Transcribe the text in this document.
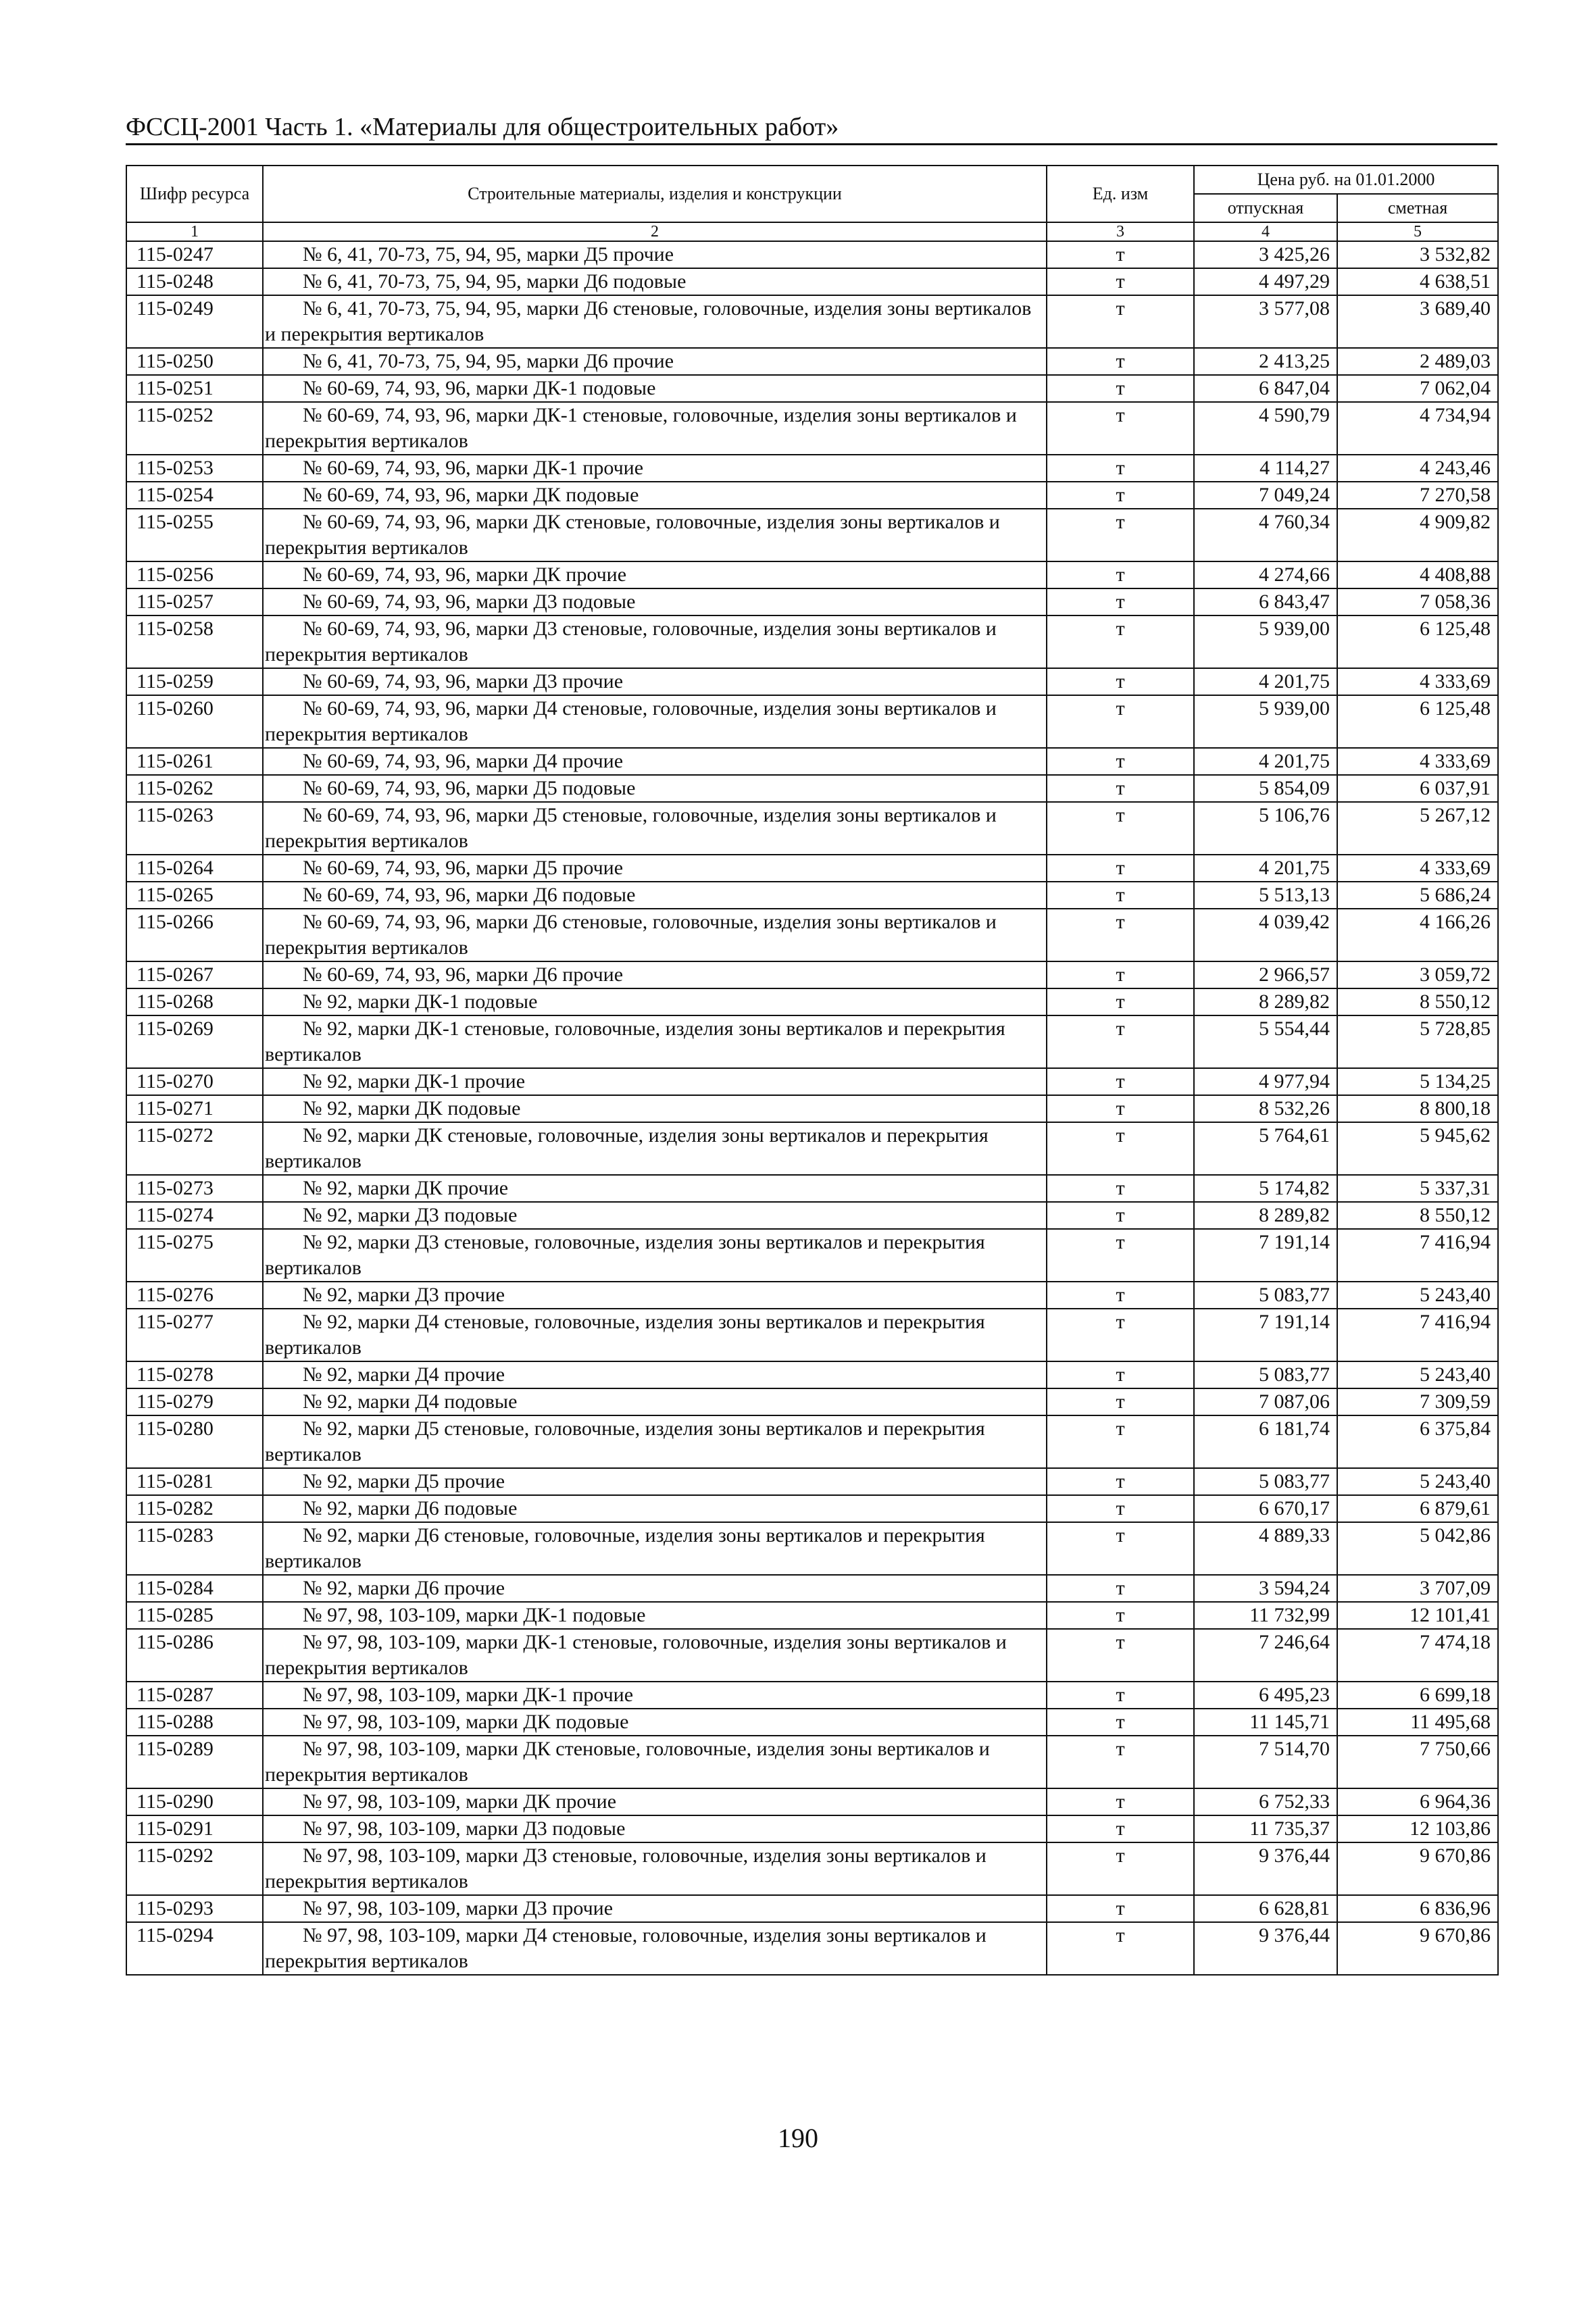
ФССЦ-2001 Часть 1. «Материалы для общестроительных работ»
Шифр ресурса	Строительные материалы, изделия и конструкции	Ед. изм	Цена руб. на 01.01.2000	
			отпускная	сметная
1	2	3	4	5
115-0247	№ 6, 41, 70-73, 75, 94, 95, марки Д5 прочие	т	3 425,26	3 532,82
115-0248	№ 6, 41, 70-73, 75, 94, 95, марки Д6 подовые	т	4 497,29	4 638,51
115-0249	№ 6, 41, 70-73, 75, 94, 95, марки Д6 стеновые, головочные, изделия зоны вертикалов и перекрытия вертикалов	т	3 577,08	3 689,40
115-0250	№ 6, 41, 70-73, 75, 94, 95, марки Д6 прочие	т	2 413,25	2 489,03
115-0251	№ 60-69, 74, 93, 96, марки ДК-1 подовые	т	6 847,04	7 062,04
115-0252	№ 60-69, 74, 93, 96, марки ДК-1 стеновые, головочные, изделия зоны вертикалов и перекрытия вертикалов	т	4 590,79	4 734,94
115-0253	№ 60-69, 74, 93, 96, марки ДК-1 прочие	т	4 114,27	4 243,46
115-0254	№ 60-69, 74, 93, 96, марки ДК подовые	т	7 049,24	7 270,58
115-0255	№ 60-69, 74, 93, 96, марки ДК стеновые, головочные, изделия зоны вертикалов и перекрытия вертикалов	т	4 760,34	4 909,82
115-0256	№ 60-69, 74, 93, 96, марки ДК прочие	т	4 274,66	4 408,88
115-0257	№ 60-69, 74, 93, 96, марки Д3 подовые	т	6 843,47	7 058,36
115-0258	№ 60-69, 74, 93, 96, марки Д3 стеновые, головочные, изделия зоны вертикалов и перекрытия вертикалов	т	5 939,00	6 125,48
115-0259	№ 60-69, 74, 93, 96, марки Д3 прочие	т	4 201,75	4 333,69
115-0260	№ 60-69, 74, 93, 96, марки Д4 стеновые, головочные, изделия зоны вертикалов и перекрытия вертикалов	т	5 939,00	6 125,48
115-0261	№ 60-69, 74, 93, 96, марки Д4 прочие	т	4 201,75	4 333,69
115-0262	№ 60-69, 74, 93, 96, марки Д5 подовые	т	5 854,09	6 037,91
115-0263	№ 60-69, 74, 93, 96, марки Д5 стеновые, головочные, изделия зоны вертикалов и перекрытия вертикалов	т	5 106,76	5 267,12
115-0264	№ 60-69, 74, 93, 96, марки Д5 прочие	т	4 201,75	4 333,69
115-0265	№ 60-69, 74, 93, 96, марки Д6 подовые	т	5 513,13	5 686,24
115-0266	№ 60-69, 74, 93, 96, марки Д6 стеновые, головочные, изделия зоны вертикалов и перекрытия вертикалов	т	4 039,42	4 166,26
115-0267	№ 60-69, 74, 93, 96, марки Д6 прочие	т	2 966,57	3 059,72
115-0268	№ 92, марки ДК-1 подовые	т	8 289,82	8 550,12
115-0269	№ 92, марки ДК-1 стеновые, головочные, изделия зоны вертикалов и перекрытия вертикалов	т	5 554,44	5 728,85
115-0270	№ 92, марки ДК-1 прочие	т	4 977,94	5 134,25
115-0271	№ 92, марки ДК подовые	т	8 532,26	8 800,18
115-0272	№ 92, марки ДК стеновые, головочные, изделия зоны вертикалов и перекрытия вертикалов	т	5 764,61	5 945,62
115-0273	№ 92, марки ДК прочие	т	5 174,82	5 337,31
115-0274	№ 92, марки Д3 подовые	т	8 289,82	8 550,12
115-0275	№ 92, марки Д3 стеновые, головочные, изделия зоны вертикалов и перекрытия вертикалов	т	7 191,14	7 416,94
115-0276	№ 92, марки Д3 прочие	т	5 083,77	5 243,40
115-0277	№ 92, марки Д4 стеновые, головочные, изделия зоны вертикалов и перекрытия вертикалов	т	7 191,14	7 416,94
115-0278	№ 92, марки Д4 прочие	т	5 083,77	5 243,40
115-0279	№ 92, марки Д4 подовые	т	7 087,06	7 309,59
115-0280	№ 92, марки Д5 стеновые, головочные, изделия зоны вертикалов и перекрытия вертикалов	т	6 181,74	6 375,84
115-0281	№ 92, марки Д5 прочие	т	5 083,77	5 243,40
115-0282	№ 92, марки Д6 подовые	т	6 670,17	6 879,61
115-0283	№ 92, марки Д6 стеновые, головочные, изделия зоны вертикалов и перекрытия вертикалов	т	4 889,33	5 042,86
115-0284	№ 92, марки Д6 прочие	т	3 594,24	3 707,09
115-0285	№ 97, 98, 103-109, марки ДК-1 подовые	т	11 732,99	12 101,41
115-0286	№ 97, 98, 103-109, марки ДК-1 стеновые, головочные, изделия зоны вертикалов и перекрытия вертикалов	т	7 246,64	7 474,18
115-0287	№ 97, 98, 103-109, марки ДК-1 прочие	т	6 495,23	6 699,18
115-0288	№ 97, 98, 103-109, марки ДК подовые	т	11 145,71	11 495,68
115-0289	№ 97, 98, 103-109, марки ДК стеновые, головочные, изделия зоны вертикалов и перекрытия вертикалов	т	7 514,70	7 750,66
115-0290	№ 97, 98, 103-109, марки ДК прочие	т	6 752,33	6 964,36
115-0291	№ 97, 98, 103-109, марки Д3 подовые	т	11 735,37	12 103,86
115-0292	№ 97, 98, 103-109, марки Д3 стеновые, головочные, изделия зоны вертикалов и перекрытия вертикалов	т	9 376,44	9 670,86
115-0293	№ 97, 98, 103-109, марки Д3 прочие	т	6 628,81	6 836,96
115-0294	№ 97, 98, 103-109, марки Д4 стеновые, головочные, изделия зоны вертикалов и перекрытия вертикалов	т	9 376,44	9 670,86
190
